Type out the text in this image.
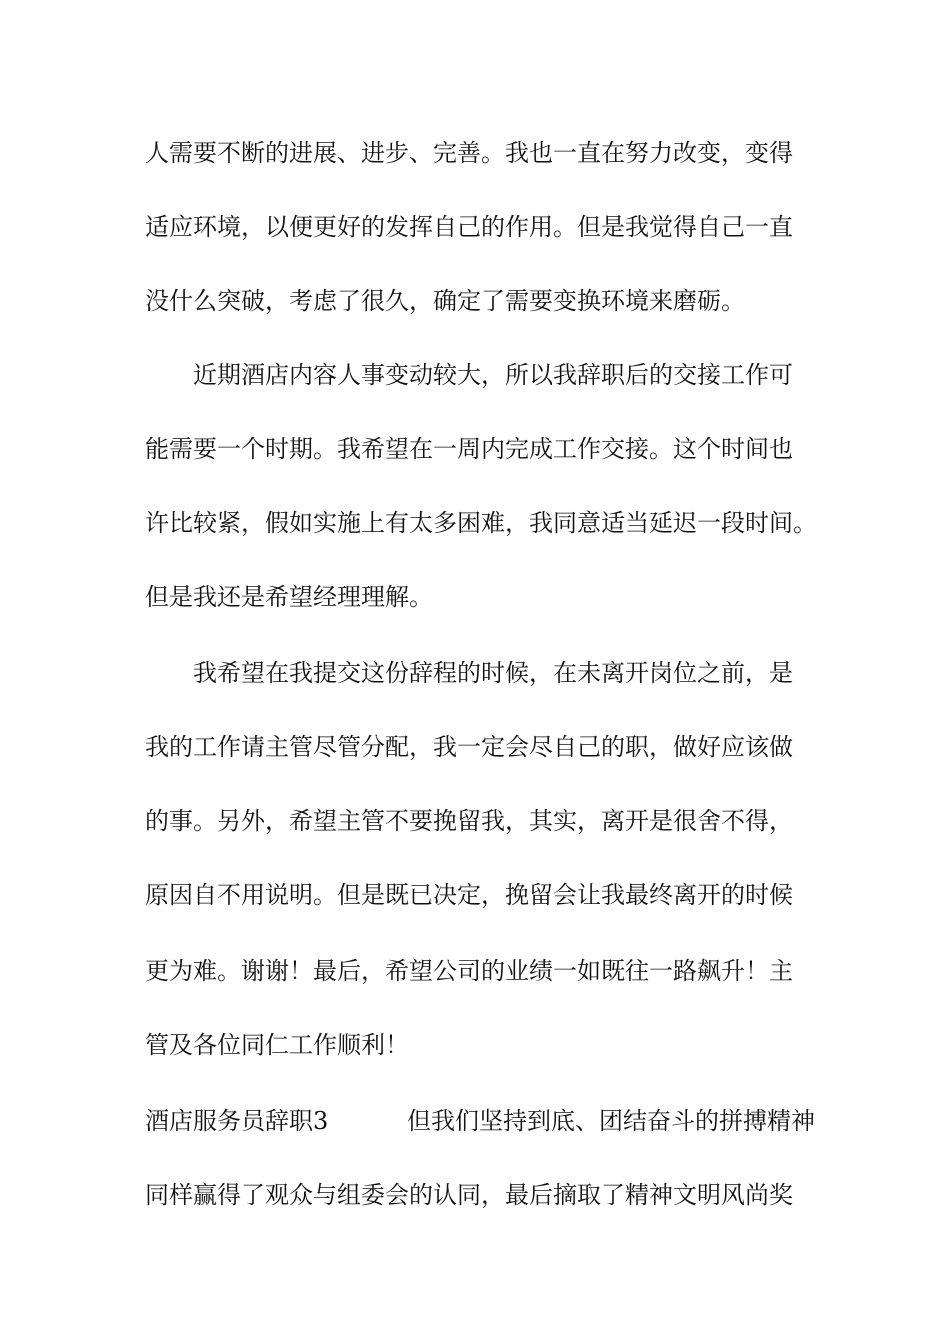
人需要不断的进展、进步、完善。我也一直在努力改变，变得
适应环境，以便更好的发挥自己的作用。但是我觉得自己一直
没什么突破，考虑了很久，确定了需要变换环境来磨砺。
近期酒店内容人事变动较大，所以我辞职后的交接工作可
能需要一个时期。我希望在一周内完成工作交接。这个时间也
许比较紧，假如实施上有太多困难，我同意适当延迟一段时间。
但是我还是希望经理理解。
我希望在我提交这份辞程的时候，在未离开岗位之前，是
我的工作请主管尽管分配，我一定会尽自己的职，做好应该做
的事。另外，希望主管不要挽留我，其实，离开是很舍不得，
原因自不用说明。但是既已决定，挽留会让我最终离开的时候
更为难。谢谢！最后，希望公司的业绩一如既往一路飙升！主
管及各位同仁工作顺利！
酒店服务员辞职3	但我们坚持到底、团结奋斗的拼搏精神
同样赢得了观众与组委会的认同，最后摘取了精神文明风尚奖
